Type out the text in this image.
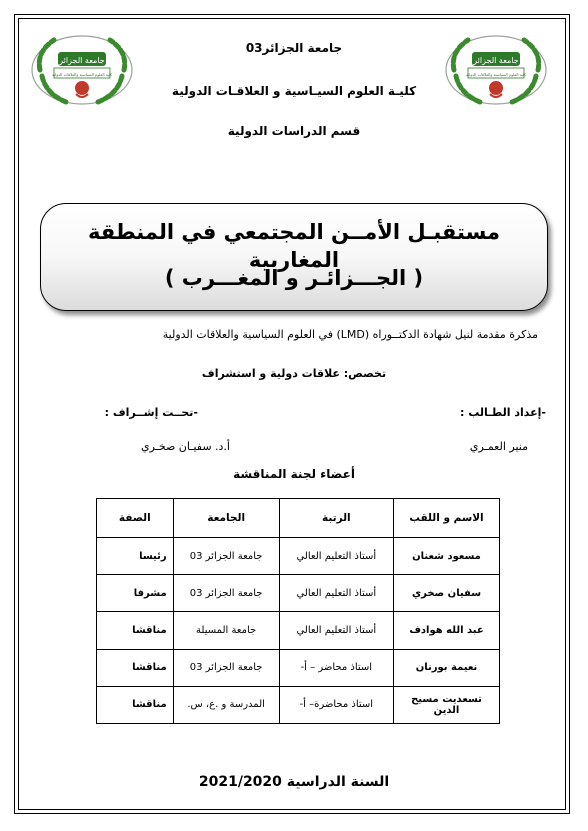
جامعة الجزائر
كلية العلوم السياسية والعلاقات الدولية
جامعة الجزائر
كلية العلوم السياسية والعلاقات الدولية
جامعة الجزائر03
كليـة العلوم السيـاسية و العلاقـات الدولية
قسم الدراسات الدولية
مستقبـل الأمــن المجتمعي في المنطقة المغاربية
( الجـــزائـر و المغـــرب )
مذكرة مقدمة لنيل شهادة الدكتــوراه (LMD) في العلوم السياسية والعلاقات الدولية
تخصص: علاقات دولية و استشراف
-إعداد الطـالب :
-تحــت إشــراف :
منير العمـري
أ.د. سفيـان صخـري
أعضاء لجنة المناقشة
الاسم و اللقب	الرتبة	الجامعة	الصفة
مسعود شعنان	أستاذ التعليم العالي	جامعة الجزائر 03	رئيسا
سفيان صخري	أستاذ التعليم العالي	جامعة الجزائر 03	مشرفا
عبد الله هوادف	أستاذ التعليم العالي	جامعة المسيلة	مناقشا
نعيمة بورنان	استاذ محاضر – أ-	جامعة الجزائر 03	مناقشا
تسعديت مسيح الدين	استاذ محاضرة– أ-	المدرسة و .ع، س.	مناقشا
السنة الدراسية 2021/2020
